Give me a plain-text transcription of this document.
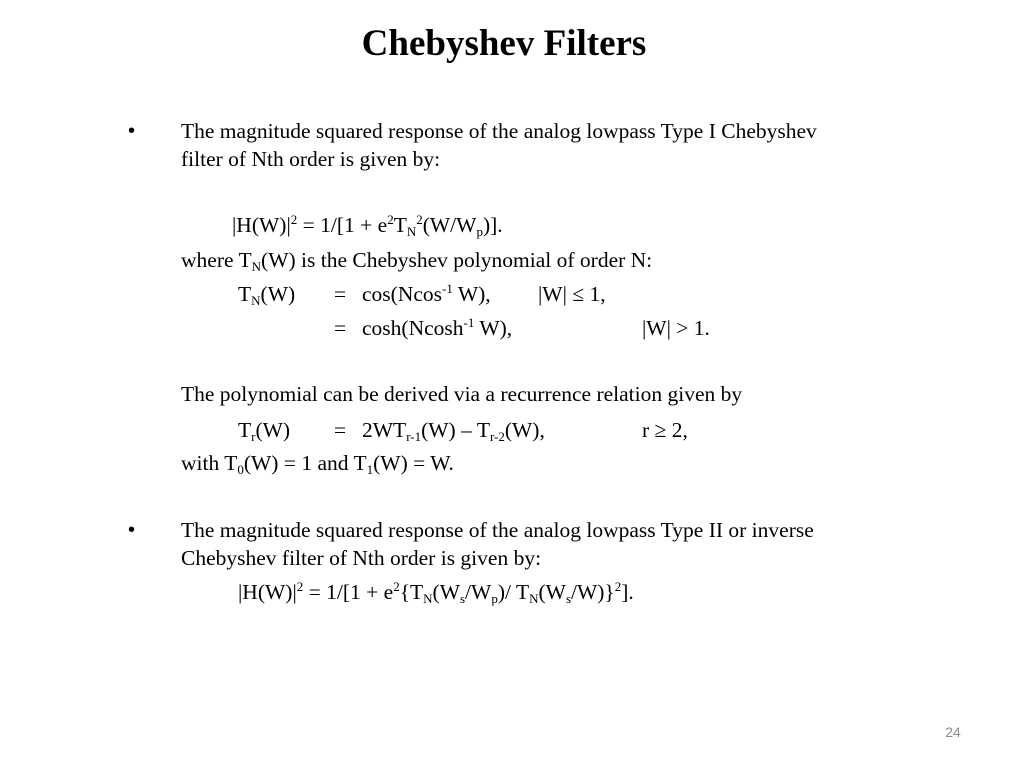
Chebyshev Filters
• The magnitude squared response of the analog lowpass Type I Chebyshev
filter of Nth order is given by:
$|H(W)|^2 = 1/[1 + e^2T_N^2(W/W_p)]$.
where $T_N(W)$ is the Chebyshev polynomial of order N:
$T_N(W) = \cos(Ncos^{-1}$ W), |W| ≤ 1,
= cosh(Ncosh$^{-1}$ W),	|W| > 1.
The polynomial can be derived via a recurrence relation given by
$T_r(W) = 2WT_{r-1}(W) - T_{r-2}(W)$,	r ≥ 2,
with $T_0(W) = 1$ and $T_1(W) = W$.
• The magnitude squared response of the analog lowpass Type II or inverse
Chebyshev filter of Nth order is given by:
$|H(W)|^2 = 1/[1 + e^2\{T_N(W_s/W_p)/$ $T_N(W_s/W)\}^2$].
24
